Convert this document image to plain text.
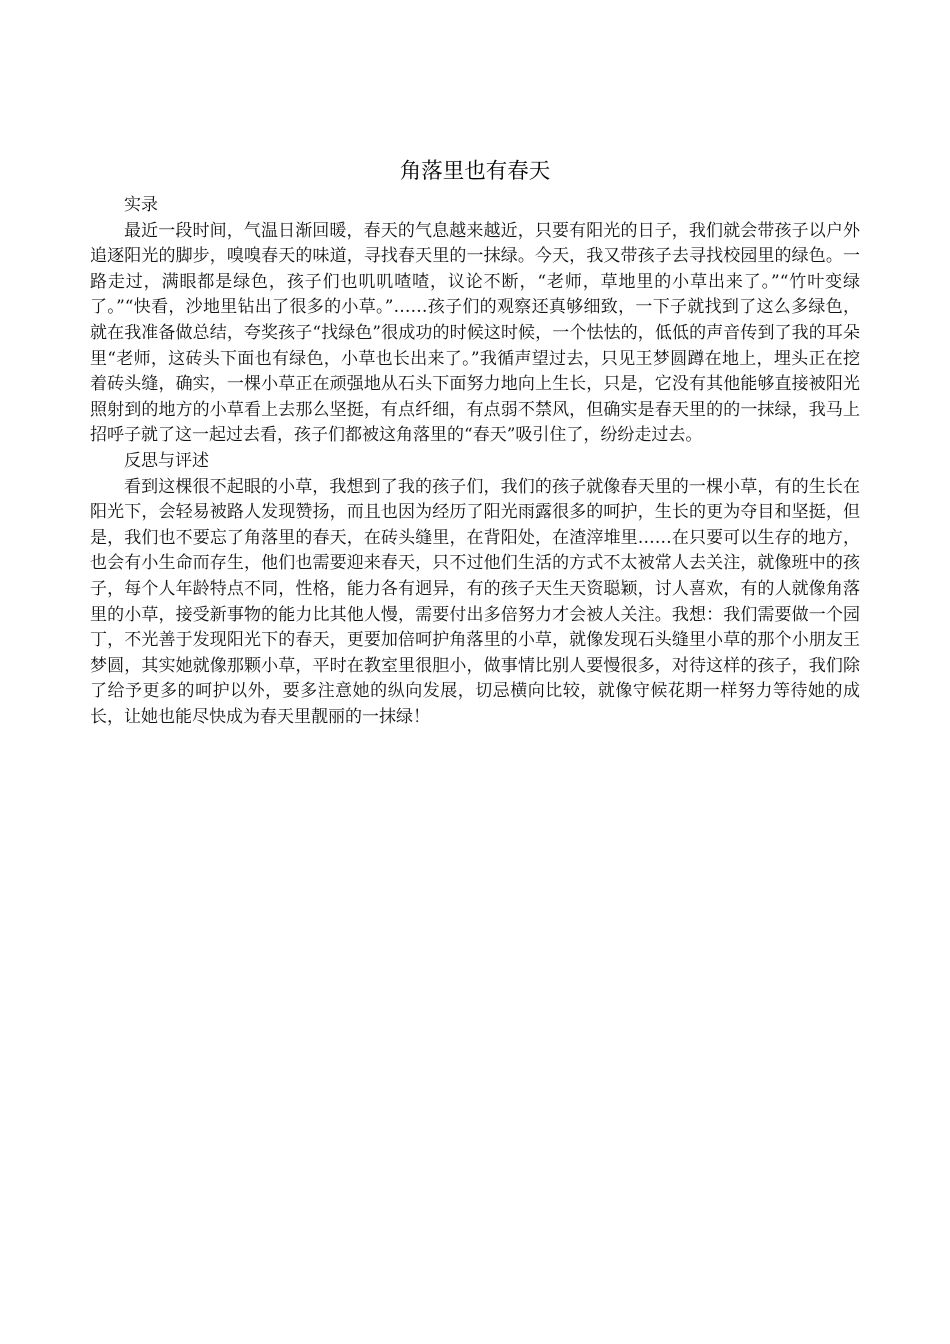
角落里也有春天

实录

最近一段时间，气温日渐回暖，春天的气息越来越近，只要有阳光的日子，我们就会带孩子以户外追逐阳光的脚步，嗅嗅春天的味道，寻找春天里的一抹绿。今天，我又带孩子去寻找校园里的绿色。一路走过，满眼都是绿色，孩子们也叽叽喳喳，议论不断，“老师，草地里的小草出来了。”“竹叶变绿了。”“快看，沙地里钻出了很多的小草。”……孩子们的观察还真够细致，一下子就找到了这么多绿色，就在我准备做总结，夸奖孩子“找绿色”很成功的时候这时候，一个怯怯的，低低的声音传到了我的耳朵里“老师，这砖头下面也有绿色，小草也长出来了。”我循声望过去，只见王梦圆蹲在地上，埋头正在挖着砖头缝，确实，一棵小草正在顽强地从石头下面努力地向上生长，只是，它没有其他能够直接被阳光照射到的地方的小草看上去那么坚挺，有点纤细，有点弱不禁风，但确实是春天里的的一抹绿，我马上招呼子就了这一起过去看，孩子们都被这角落里的“春天”吸引住了，纷纷走过去。

反思与评述

看到这棵很不起眼的小草，我想到了我的孩子们，我们的孩子就像春天里的一棵小草，有的生长在阳光下，会轻易被路人发现赞扬，而且也因为经历了阳光雨露很多的呵护，生长的更为夺目和坚挺，但是，我们也不要忘了角落里的春天，在砖头缝里，在背阳处，在渣滓堆里……在只要可以生存的地方，也会有小生命而存生，他们也需要迎来春天，只不过他们生活的方式不太被常人去关注，就像班中的孩子，每个人年龄特点不同，性格，能力各有迥异，有的孩子天生天资聪颖，讨人喜欢，有的人就像角落里的小草，接受新事物的能力比其他人慢，需要付出多倍努力才会被人关注。我想：我们需要做一个园丁，不光善于发现阳光下的春天，更要加倍呵护角落里的小草，就像发现石头缝里小草的那个小朋友王梦圆，其实她就像那颗小草，平时在教室里很胆小，做事情比别人要慢很多，对待这样的孩子，我们除了给予更多的呵护以外，要多注意她的纵向发展，切忌横向比较，就像守候花期一样努力等待她的成长，让她也能尽快成为春天里靓丽的一抹绿！
